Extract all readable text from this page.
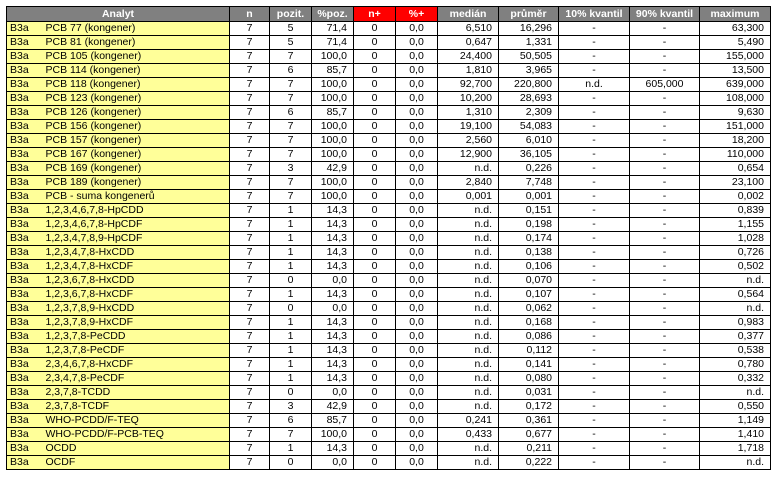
Analyt		n	pozit.	%poz.	n+	%+	medián	průměr	10% kvantil	90% kvantil	maximum
B3a	PCB 77 (kongener)	7	5	71,4	0	0,0	6,510	16,296	-	-	63,300
B3a	PCB 81 (kongener)	7	5	71,4	0	0,0	0,647	1,331	-	-	5,490
B3a	PCB 105 (kongener)	7	7	100,0	0	0,0	24,400	50,505	-	-	155,000
B3a	PCB 114 (kongener)	7	6	85,7	0	0,0	1,810	3,965	-	-	13,500
B3a	PCB 118 (kongener)	7	7	100,0	0	0,0	92,700	220,800	n.d.	605,000	639,000
B3a	PCB 123 (kongener)	7	7	100,0	0	0,0	10,200	28,693	-	-	108,000
B3a	PCB 126 (kongener)	7	6	85,7	0	0,0	1,310	2,309	-	-	9,630
B3a	PCB 156 (kongener)	7	7	100,0	0	0,0	19,100	54,083	-	-	151,000
B3a	PCB 157 (kongener)	7	7	100,0	0	0,0	2,560	6,010	-	-	18,200
B3a	PCB 167 (kongener)	7	7	100,0	0	0,0	12,900	36,105	-	-	110,000
B3a	PCB 169 (kongener)	7	3	42,9	0	0,0	n.d.	0,226	-	-	0,654
B3a	PCB 189 (kongener)	7	7	100,0	0	0,0	2,840	7,748	-	-	23,100
B3a	PCB - suma kongenerů	7	7	100,0	0	0,0	0,001	0,001	-	-	0,002
B3a	1,2,3,4,6,7,8-HpCDD	7	1	14,3	0	0,0	n.d.	0,151	-	-	0,839
B3a	1,2,3,4,6,7,8-HpCDF	7	1	14,3	0	0,0	n.d.	0,198	-	-	1,155
B3a	1,2,3,4,7,8,9-HpCDF	7	1	14,3	0	0,0	n.d.	0,174	-	-	1,028
B3a	1,2,3,4,7,8-HxCDD	7	1	14,3	0	0,0	n.d.	0,138	-	-	0,726
B3a	1,2,3,4,7,8-HxCDF	7	1	14,3	0	0,0	n.d.	0,106	-	-	0,502
B3a	1,2,3,6,7,8-HxCDD	7	0	0,0	0	0,0	n.d.	0,070	-	-	n.d.
B3a	1,2,3,6,7,8-HxCDF	7	1	14,3	0	0,0	n.d.	0,107	-	-	0,564
B3a	1,2,3,7,8,9-HxCDD	7	0	0,0	0	0,0	n.d.	0,062	-	-	n.d.
B3a	1,2,3,7,8,9-HxCDF	7	1	14,3	0	0,0	n.d.	0,168	-	-	0,983
B3a	1,2,3,7,8-PeCDD	7	1	14,3	0	0,0	n.d.	0,086	-	-	0,377
B3a	1,2,3,7,8-PeCDF	7	1	14,3	0	0,0	n.d.	0,112	-	-	0,538
B3a	2,3,4,6,7,8-HxCDF	7	1	14,3	0	0,0	n.d.	0,141	-	-	0,780
B3a	2,3,4,7,8-PeCDF	7	1	14,3	0	0,0	n.d.	0,080	-	-	0,332
B3a	2,3,7,8-TCDD	7	0	0,0	0	0,0	n.d.	0,031	-	-	n.d.
B3a	2,3,7,8-TCDF	7	3	42,9	0	0,0	n.d.	0,172	-	-	0,550
B3a	WHO-PCDD/F-TEQ	7	6	85,7	0	0,0	0,241	0,361	-	-	1,149
B3a	WHO-PCDD/F-PCB-TEQ	7	7	100,0	0	0,0	0,433	0,677	-	-	1,410
B3a	OCDD	7	1	14,3	0	0,0	n.d.	0,211	-	-	1,718
B3a	OCDF	7	0	0,0	0	0,0	n.d.	0,222	-	-	n.d.
